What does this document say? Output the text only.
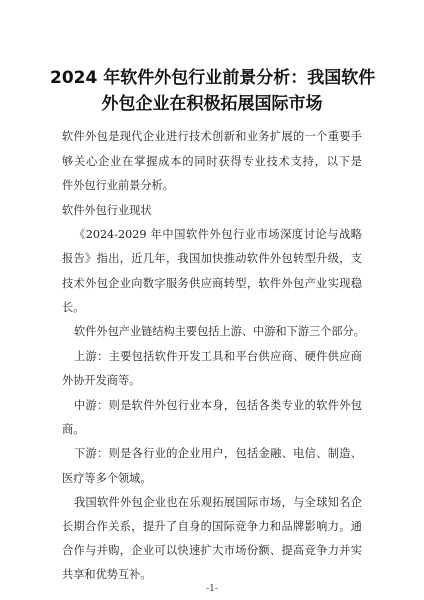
2024 年软件外包行业前景分析：我国软件
外包企业在积极拓展国际市场

软件外包是现代企业进行技术创新和业务扩展的一个重要手

够关心企业在掌握成本的同时获得专业技术支持，以下是

件外包行业前景分析。

软件外包行业现状

《2024-2029 年中国软件外包行业市场深度讨论与战略

报告》指出，近几年，我国加快推动软件外包转型升级，支

技术外包企业向数字服务供应商转型，软件外包产业实现稳

长。

软件外包产业链结构主要包括上游、中游和下游三个部分。

上游：主要包括软件开发工具和平台供应商、硬件供应商

外协开发商等。

中游：则是软件外包行业本身，包括各类专业的软件外包

商。

下游：则是各行业的企业用户，包括金融、电信、制造、

医疗等多个领域。

我国软件外包企业也在乐观拓展国际市场，与全球知名企

长期合作关系，提升了自身的国际竞争力和品牌影响力。通

合作与并购，企业可以快速扩大市场份额、提高竞争力并实

共享和优势互补。

-1-
